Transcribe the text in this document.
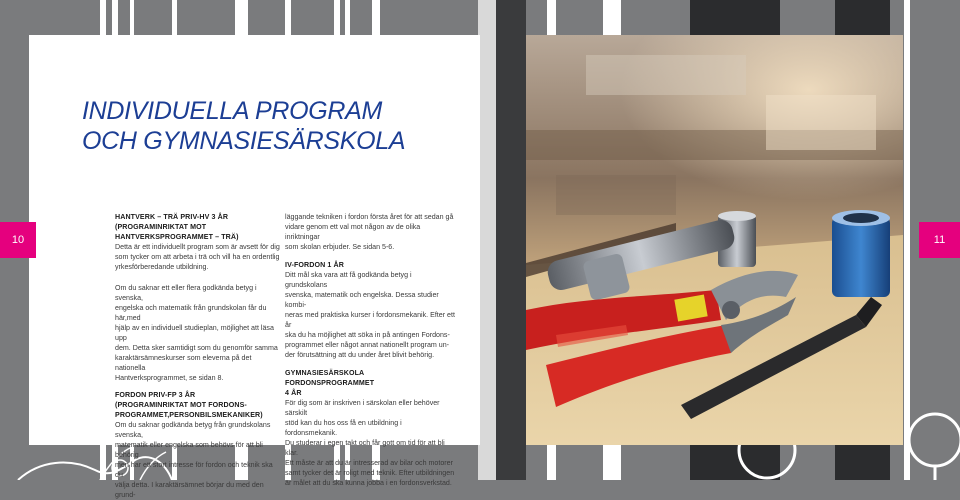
INDIVIDUELLA PROGRAM
OCH GYMNASIESÄRSKOLA
HANTVERK – TRÄ PRIV-HV 3 ÅR
(PROGRAMINRIKTAT MOT
HANTVERKSPROGRAMMET – TRÄ)
Detta är ett individuellt program som är avsett för dig
som tycker om att arbeta i trä och vill ha en ordentlig
yrkesförberedande utbildning.
Om du saknar ett eller flera godkända betyg i svenska,
engelska och matematik från grundskolan får du här,med
hjälp av en individuell studieplan, möjlighet att läsa upp
dem. Detta sker samtidigt som du genomför samma
karaktärsämneskurser som eleverna på det nationella
Hantverksprogrammet, se sidan 8.
FORDON PRIV-FP 3 ÅR
(PROGRAMINRIKTAT MOT FORDONS-
PROGRAMMET,PERSONBILSMEKANIKER)
Om du saknar godkända betyg från grundskolans svenska,
matematik eller engelska som behövs för att bli behörig
men har ett stort intresse för fordon och teknik ska du
välja detta. I karaktärsämnet börjar du med den grund-
läggande tekniken i fordon första året för att sedan gå
vidare genom ett val mot någon av de olika inriktningar
som skolan erbjuder. Se sidan 5-6.
IV-FORDON 1 ÅR
Ditt mål ska vara att få godkända betyg i grundskolans
svenska, matematik och engelska. Dessa studier kombi-
neras med praktiska kurser i fordonsmekanik. Efter ett år
ska du ha möjlighet att söka in på antingen Fordons-
programmet eller något annat nationellt program un-
der förutsättning att du under året blivit behörig.
GYMNASIESÄRSKOLA FORDONSPROGRAMMET
4 ÅR
För dig som är inskriven i särskolan eller behöver särskilt
stöd kan du hos oss få en utbildning i fordonsmekanik.
Du studerar i egen takt och får gott om tid för att bli klar.
Ett måste är att du är intresserad av bilar och motorer
samt tycker det är roligt med teknik. Efter utbildningen
är målet att du ska kunna jobba i en fordonsverkstad.
10	11
